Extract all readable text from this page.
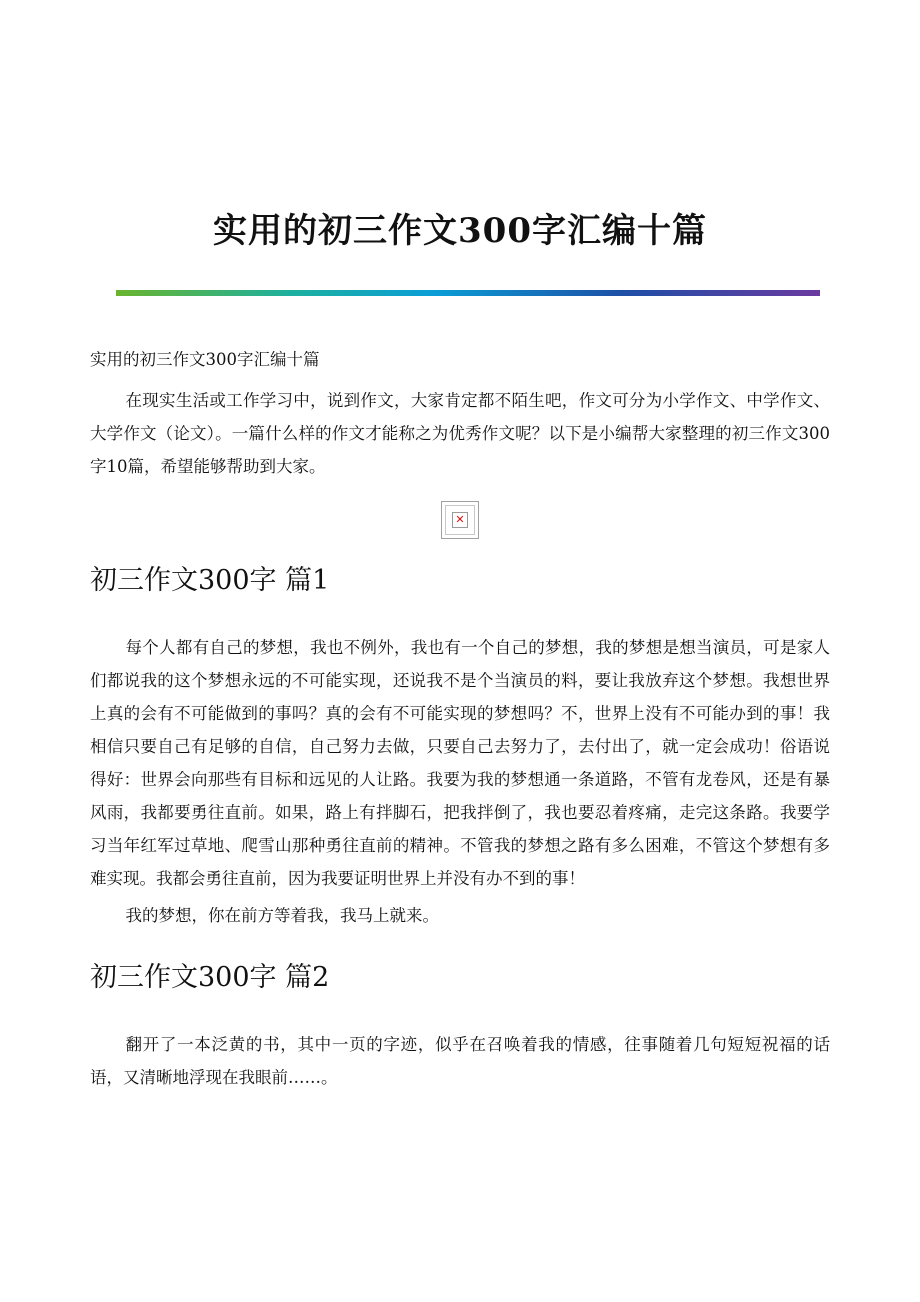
实用的初三作文300字汇编十篇
实用的初三作文300字汇编十篇

在现实生活或工作学习中，说到作文，大家肯定都不陌生吧，作文可分为小学作文、中学作文、大学作文（论文）。一篇什么样的作文才能称之为优秀作文呢？以下是小编帮大家整理的初三作文300字10篇，希望能够帮助到大家。

✕
初三作文300字 篇1

每个人都有自己的梦想，我也不例外，我也有一个自己的梦想，我的梦想是想当演员，可是家人们都说我的这个梦想永远的不可能实现，还说我不是个当演员的料，要让我放弃这个梦想。我想世界上真的会有不可能做到的事吗？真的会有不可能实现的梦想吗？不，世界上没有不可能办到的事！我相信只要自己有足够的自信，自己努力去做，只要自己去努力了，去付出了，就一定会成功！俗语说得好：世界会向那些有目标和远见的人让路。我要为我的梦想通一条道路，不管有龙卷风，还是有暴风雨，我都要勇往直前。如果，路上有拌脚石，把我拌倒了，我也要忍着疼痛，走完这条路。我要学习当年红军过草地、爬雪山那种勇往直前的精神。不管我的梦想之路有多么困难，不管这个梦想有多难实现。我都会勇往直前，因为我要证明世界上并没有办不到的事！

我的梦想，你在前方等着我，我马上就来。

初三作文300字 篇2

翻开了一本泛黄的书，其中一页的字迹，似乎在召唤着我的情感，往事随着几句短短祝福的话语，又清晰地浮现在我眼前……。
